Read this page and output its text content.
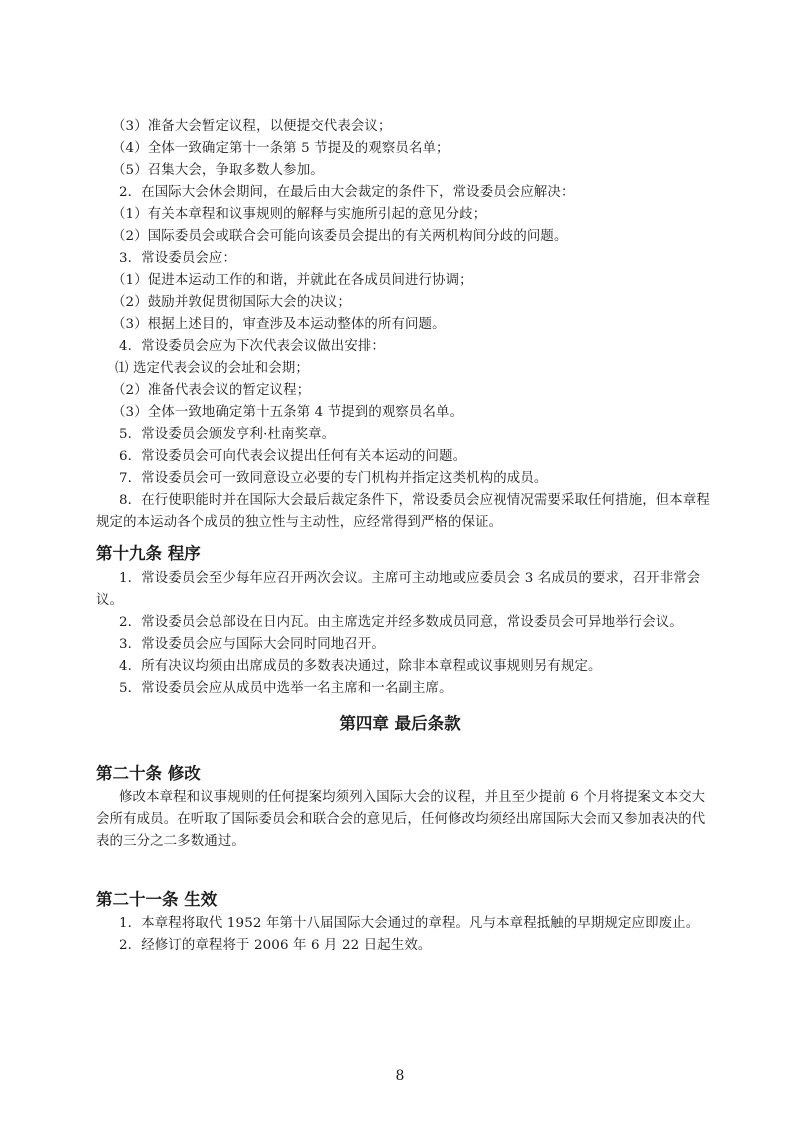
（3）准备大会暂定议程，以便提交代表会议；
（4）全体一致确定第十一条第 5 节提及的观察员名单；
（5）召集大会，争取多数人参加。
2．在国际大会休会期间，在最后由大会裁定的条件下，常设委员会应解决：
（1）有关本章程和议事规则的解释与实施所引起的意见分歧；
（2）国际委员会或联合会可能向该委员会提出的有关两机构间分歧的问题。
3．常设委员会应：
（1）促进本运动工作的和谐，并就此在各成员间进行协调；
（2）鼓励并敦促贯彻国际大会的决议；
（3）根据上述目的，审查涉及本运动整体的所有问题。
4．常设委员会应为下次代表会议做出安排：
⑴ 选定代表会议的会址和会期；
（2）准备代表会议的暂定议程；
（3）全体一致地确定第十五条第 4 节提到的观察员名单。
5．常设委员会颁发亨利·杜南奖章。
6．常设委员会可向代表会议提出任何有关本运动的问题。
7．常设委员会可一致同意设立必要的专门机构并指定这类机构的成员。
8．在行使职能时并在国际大会最后裁定条件下，常设委员会应视情况需要采取任何措施，但本章程
规定的本运动各个成员的独立性与主动性，应经常得到严格的保证。
第十九条 程序
1．常设委员会至少每年应召开两次会议。主席可主动地或应委员会 3 名成员的要求，召开非常会
议。
2．常设委员会总部设在日内瓦。由主席选定并经多数成员同意，常设委员会可异地举行会议。
3．常设委员会应与国际大会同时同地召开。
4．所有决议均须由出席成员的多数表决通过，除非本章程或议事规则另有规定。
5．常设委员会应从成员中选举一名主席和一名副主席。
第四章 最后条款
第二十条 修改
修改本章程和议事规则的任何提案均须列入国际大会的议程，并且至少提前 6 个月将提案文本交大
会所有成员。在听取了国际委员会和联合会的意见后，任何修改均须经出席国际大会而又参加表决的代
表的三分之二多数通过。
第二十一条 生效
1．本章程将取代 1952 年第十八届国际大会通过的章程。凡与本章程抵触的早期规定应即废止。
2．经修订的章程将于 2006 年 6 月 22 日起生效。
8
